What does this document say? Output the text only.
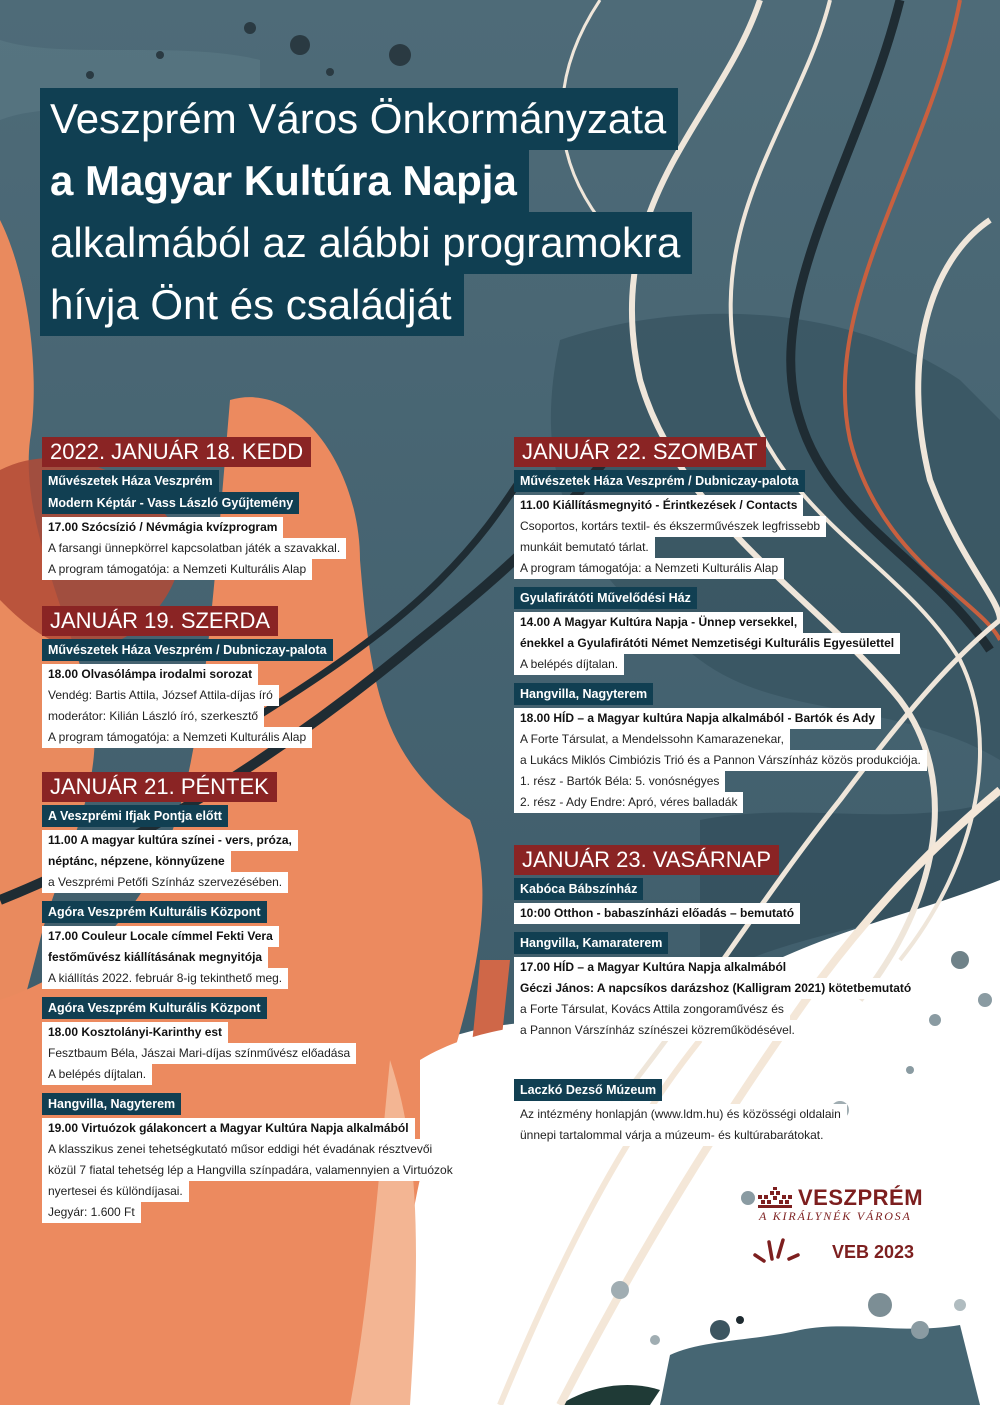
Veszprém Város Önkormányzata
a Magyar Kultúra Napja
alkalmából az alábbi programokra
hívja Önt és családját
2022. JANUÁR 18. KEDD
Művészetek Háza Veszprém
Modern Képtár - Vass László Gyűjtemény
17.00 Szócsízió / Névmágia kvízprogram
A farsangi ünnepkörrel kapcsolatban játék a szavakkal.
A program támogatója: a Nemzeti Kulturális Alap
JANUÁR 19. SZERDA
Művészetek Háza Veszprém / Dubniczay-palota
18.00 Olvasólámpa irodalmi sorozat
Vendég: Bartis Attila, József Attila-díjas író
moderátor: Kilián László író, szerkesztő
A program támogatója: a Nemzeti Kulturális Alap
JANUÁR 21. PÉNTEK
A Veszprémi Ifjak Pontja előtt
11.00 A magyar kultúra színei - vers, próza,
néptánc, népzene, könnyűzene
a Veszprémi Petőfi Színház szervezésében.
Agóra Veszprém Kulturális Központ
17.00 Couleur Locale címmel Fekti Vera
festőművész kiállításának megnyitója
A kiállítás 2022. február 8-ig tekinthető meg.
Agóra Veszprém Kulturális Központ
18.00 Kosztolányi-Karinthy est
Fesztbaum Béla, Jászai Mari-díjas színművész előadása
A belépés díjtalan.
Hangvilla, Nagyterem
19.00 Virtuózok gálakoncert a Magyar Kultúra Napja alkalmából
A klasszikus zenei tehetségkutató műsor eddigi hét évadának résztvevői
közül 7 fiatal tehetség lép a Hangvilla színpadára, valamennyien a Virtuózok
nyertesei és különdíjasai.
Jegyár: 1.600 Ft
JANUÁR 22. SZOMBAT
Művészetek Háza Veszprém / Dubniczay-palota
11.00 Kiállításmegnyitó - Érintkezések / Contacts
Csoportos, kortárs textil- és ékszerművészek legfrissebb
munkáit bemutató tárlat.
A program támogatója: a Nemzeti Kulturális Alap
Gyulafirátóti Művelődési Ház
14.00 A Magyar Kultúra Napja - Ünnep versekkel,
énekkel a Gyulafirátóti Német Nemzetiségi Kulturális Egyesülettel
A belépés díjtalan.
Hangvilla, Nagyterem
18.00 HÍD – a Magyar kultúra Napja alkalmából - Bartók és Ady
A Forte Társulat, a Mendelssohn Kamarazenekar,
a Lukács Miklós Cimbiózis Trió és a Pannon Várszínház közös produkciója.
1. rész - Bartók Béla: 5. vonósnégyes
2. rész - Ady Endre: Apró, véres balladák
JANUÁR 23. VASÁRNAP
Kabóca Bábszínház
10:00 Otthon - babaszínházi előadás – bemutató
Hangvilla, Kamaraterem
17.00 HÍD – a Magyar Kultúra Napja alkalmából
Géczi János: A napcsíkos darázshoz (Kalligram 2021) kötetbemutató
a Forte Társulat, Kovács Attila zongoraművész és
a Pannon Várszínház színészei közreműködésével.
Laczkó Dezső Múzeum
Az intézmény honlapján (www.ldm.hu) és közösségi oldalain
ünnepi tartalommal várja a múzeum- és kultúrabarátokat.
VESZPRÉM
A KIRÁLYNÉK VÁROSA
VEB 2023
